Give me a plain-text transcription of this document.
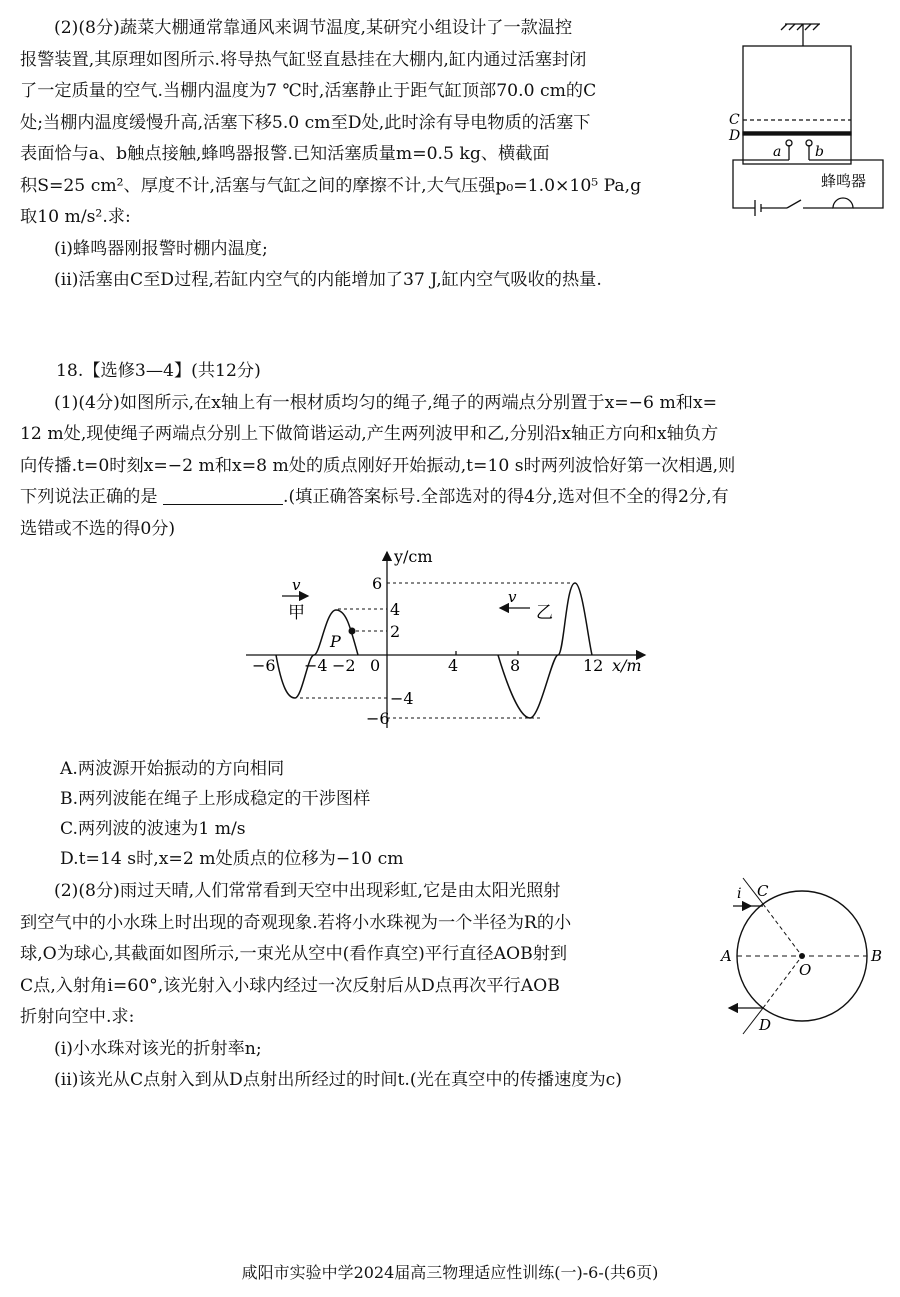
(2)(8分)蔬菜大棚通常靠通风来调节温度,某研究小组设计了一款温控

报警装置,其原理如图所示.将导热气缸竖直悬挂在大棚内,缸内通过活塞封闭

了一定质量的空气.当棚内温度为7 ℃时,活塞静止于距气缸顶部70.0 cm的C

处;当棚内温度缓慢升高,活塞下移5.0 cm至D处,此时涂有导电物质的活塞下

表面恰与a、b触点接触,蜂鸣器报警.已知活塞质量m=0.5 kg、横截面

积S=25 cm²、厚度不计,活塞与气缸之间的摩擦不计,大气压强p₀=1.0×10⁵ Pa,g

取10 m/s².求:

(i)蜂鸣器刚报警时棚内温度;

(ii)活塞由C至D过程,若缸内空气的内能增加了37 J,缸内空气吸收的热量.

C
D
a b
蜂鸣器

18.【选修3—4】(共12分)

(1)(4分)如图所示,在x轴上有一根材质均匀的绳子,绳子的两端点分别置于x=−6 m和x=

12 m处,现使绳子两端点分别上下做简谐运动,产生两列波甲和乙,分别沿x轴正方向和x轴负方

向传播.t=0时刻x=−2 m和x=8 m处的质点刚好开始振动,t=10 s时两列波恰好第一次相遇,则

下列说法正确的是	.(填正确答案标号.全部选对的得4分,选对但不全的得2分,有

选错或不选的得0分)

y/cm
x/m
6
4
2
−4
−6
−6 −4 −2 0	4	8	12
P
v
甲
v
乙
A.两波源开始振动的方向相同
B.两列波能在绳子上形成稳定的干涉图样
C.两列波的波速为1 m/s
D.t=14 s时,x=2 m处质点的位移为−10 cm

(2)(8分)雨过天晴,人们常常看到天空中出现彩虹,它是由太阳光照射

到空气中的小水珠上时出现的奇观现象.若将小水珠视为一个半径为R的小

球,O为球心,其截面如图所示,一束光从空中(看作真空)平行直径AOB射到

C点,入射角i=60°,该光射入小球内经过一次反射后从D点再次平行AOB

折射向空中.求:

(i)小水珠对该光的折射率n;

(ii)该光从C点射入到从D点射出所经过的时间t.(光在真空中的传播速度为c)

i C
A	B
O
D
咸阳市实验中学2024届高三物理适应性训练(一)-6-(共6页)
